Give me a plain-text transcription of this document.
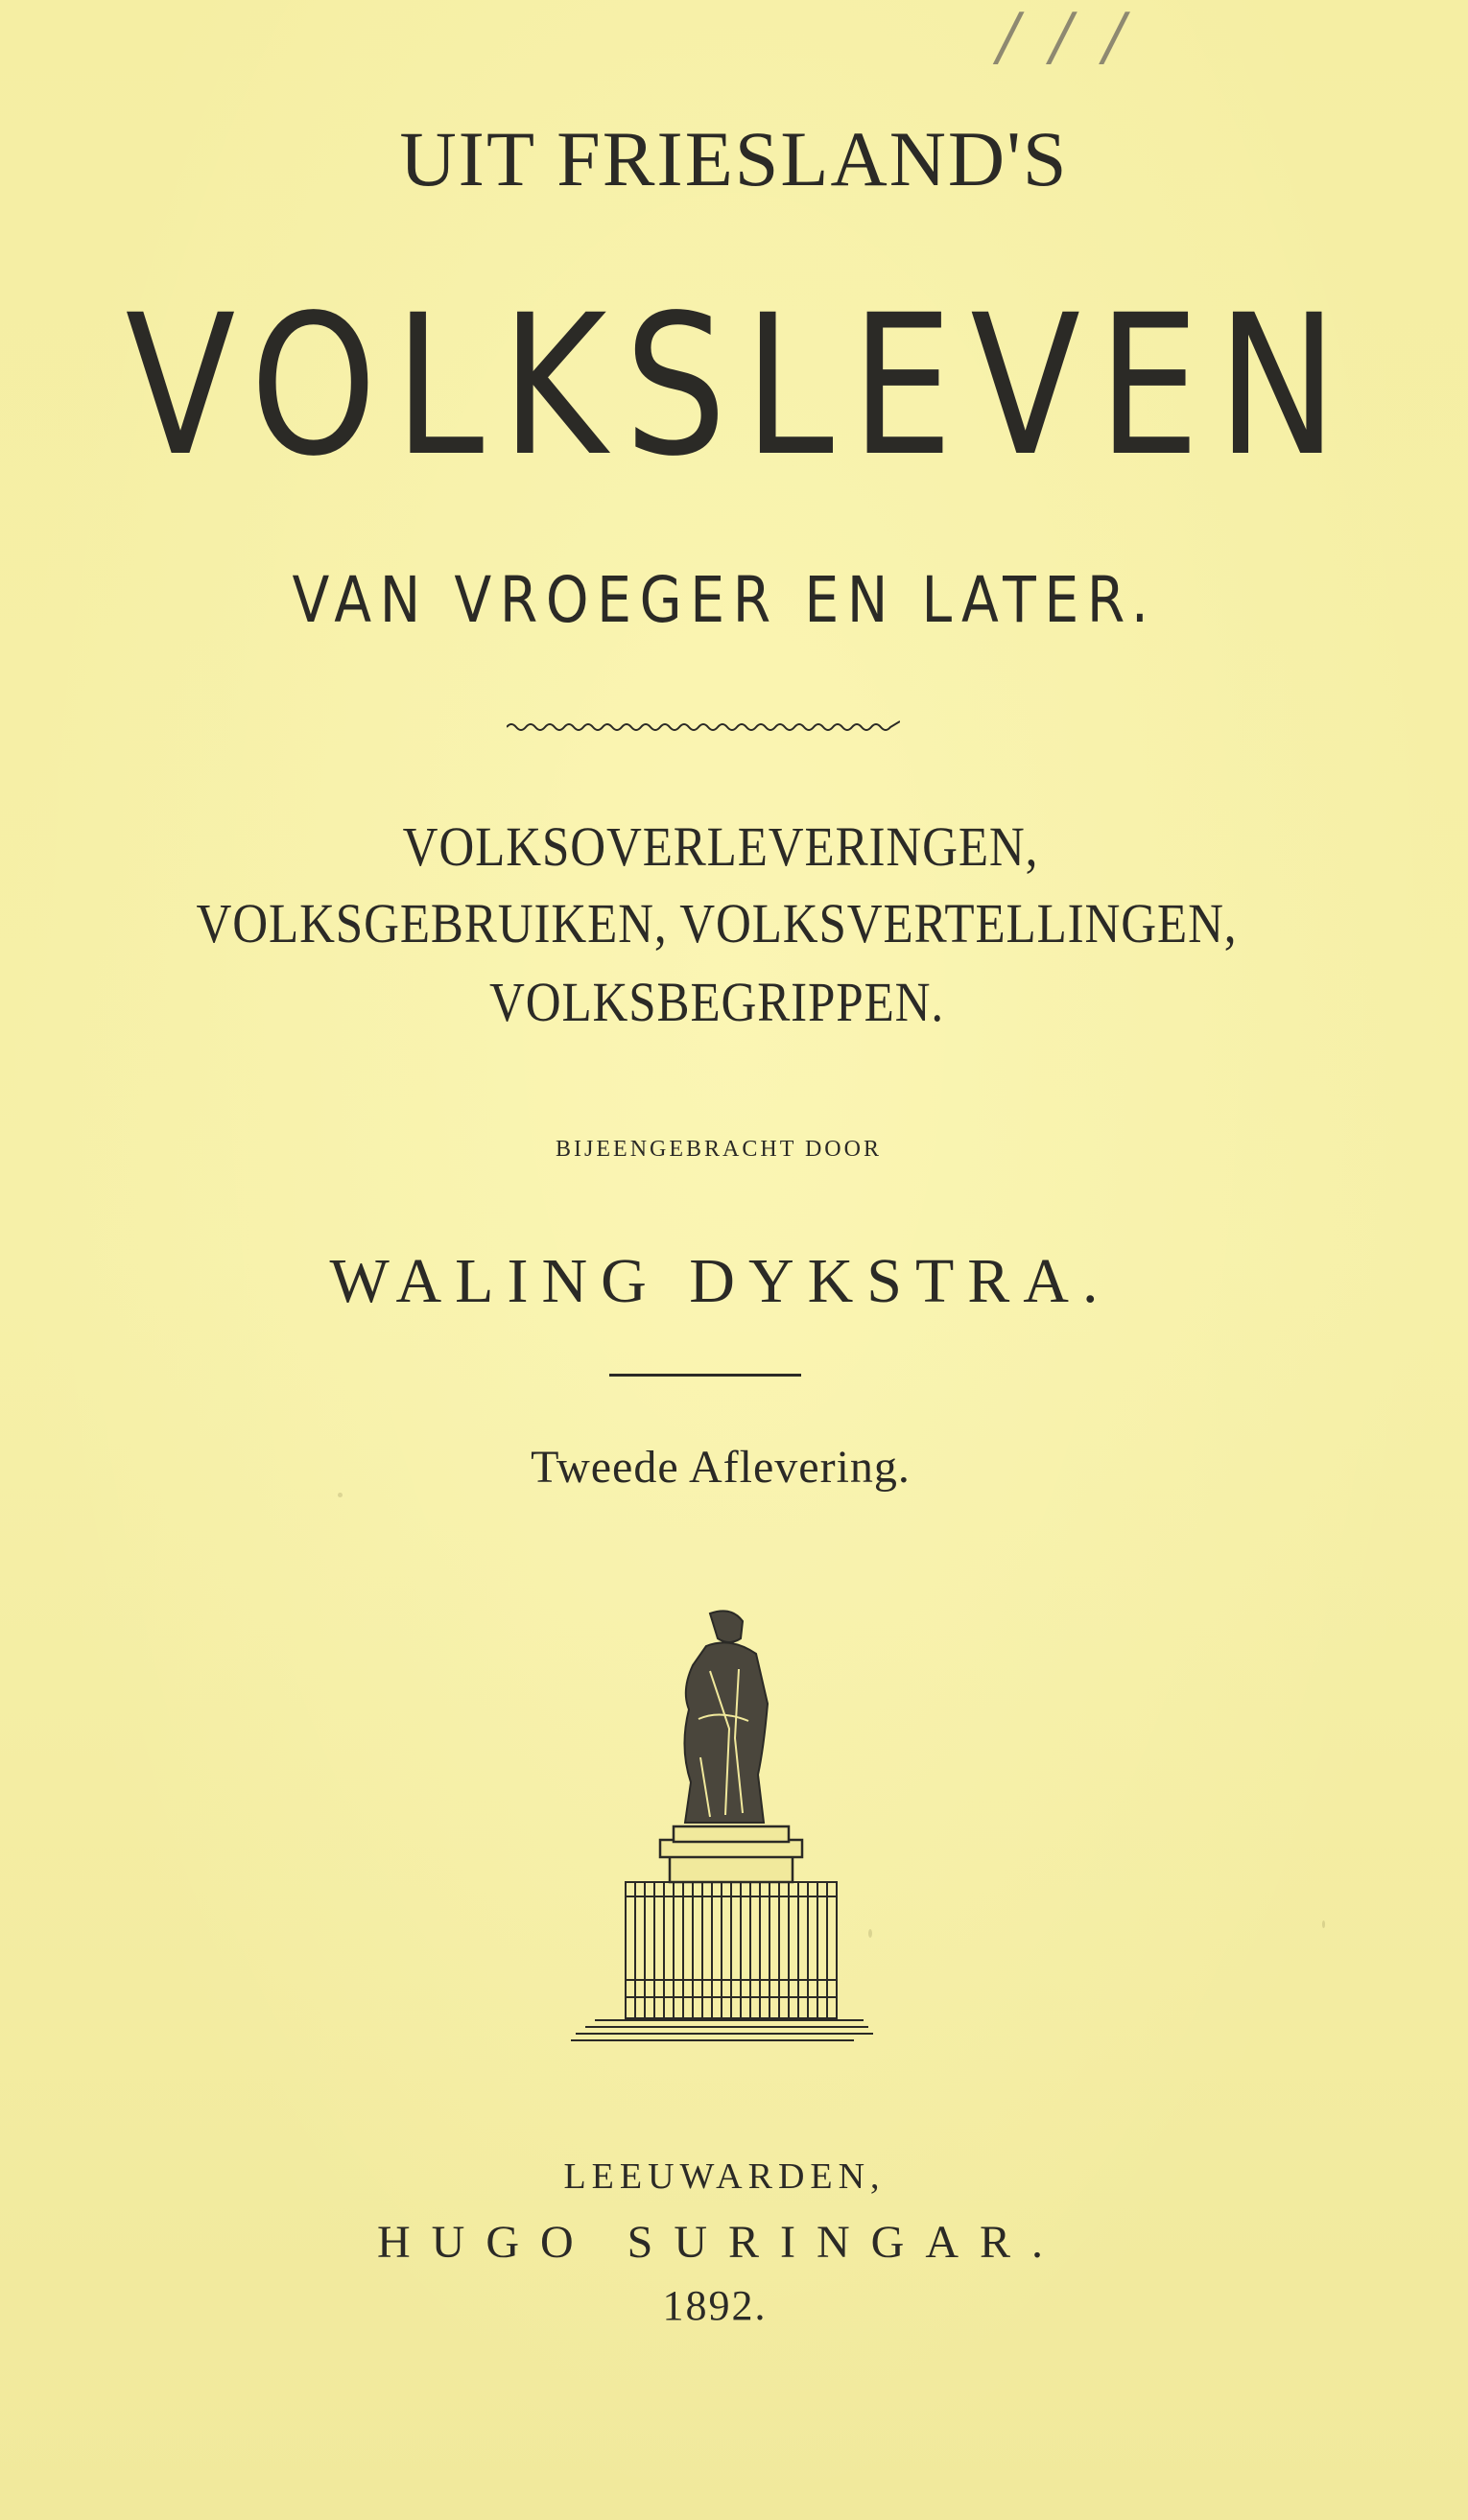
/ / /
UIT FRIESLAND'S
VOLKSLEVEN
VAN VROEGER EN LATER.
VOLKSOVERLEVERINGEN,
VOLKSGEBRUIKEN, VOLKSVERTELLINGEN,
VOLKSBEGRIPPEN.
BIJEENGEBRACHT DOOR
WALING DYKSTRA.
Tweede Aflevering.
LEEUWARDEN,
HUGO SURINGAR.
1892.
